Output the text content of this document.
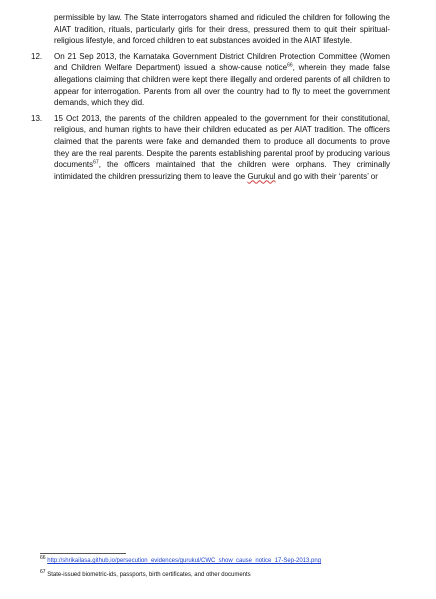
permissible by law. The State interrogators shamed and ridiculed the children for following the AIAT tradition, rituals, particularly girls for their dress, pressured them to quit their spiritual-religious lifestyle, and forced children to eat substances avoided in the AIAT lifestyle.

12. On 21 Sep 2013, the Karnataka Government District Children Protection Committee (Women and Children Welfare Department) issued a show-cause notice$^{66}$, wherein they made false allegations claiming that children were kept there illegally and ordered parents of all children to appear for interrogation. Parents from all over the country had to fly to meet the government demands, which they did.

13. 15 Oct 2013, the parents of the children appealed to the government for their constitutional, religious, and human rights to have their children educated as per AIAT tradition. The officers claimed that the parents were fake and demanded them to produce all documents to prove they are the real parents. Despite the parents establishing parental proof by producing various documents$^{67}$, the officers maintained that the children were orphans. They criminally intimidated the children pressurizing them to leave the Gurukul and go with their ‘parents’ or

$^{66}$ http://shrikailasa.github.io/persecution_evidences/gurukul/CWC_show_cause_notice_17-Sep-2013.png

$^{67}$ State-issued biometric-ids, passports, birth certificates, and other documents
